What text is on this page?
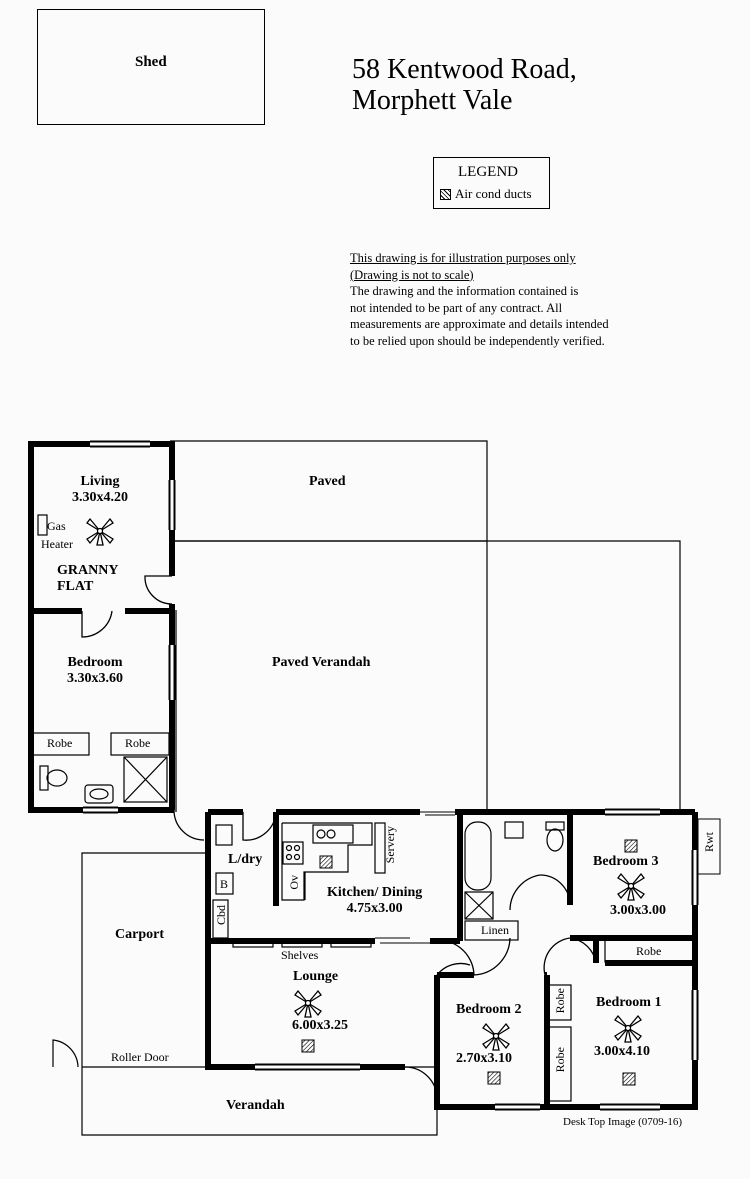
Shed	58 Kentwood Road,
Morphett Vale
LEGEND
Air cond ducts
This drawing is for illustration purposes only
(Drawing is not to scale)
The drawing and the information contained is
not intended to be part of any contract. All
measurements are approximate and details intended
to be relied upon should be independently verified.
Living
3.30x4.20
Gas
Heater
GRANNY
FLAT
Bedroom
3.30x3.60
Robe	Robe
Paved
Paved Verandah
Carport
Roller Door
Verandah
L/dry
B
Cbd
Ov
Servery
Kitchen/ Dining
4.75x3.00
Shelves
Lounge
6.00x3.25
Linen
Bedroom 3
3.00x3.00
Rwt
Robe
Bedroom 1
3.00x4.10
Robe
Robe
Bedroom 2
2.70x3.10
Desk Top Image (0709-16)
